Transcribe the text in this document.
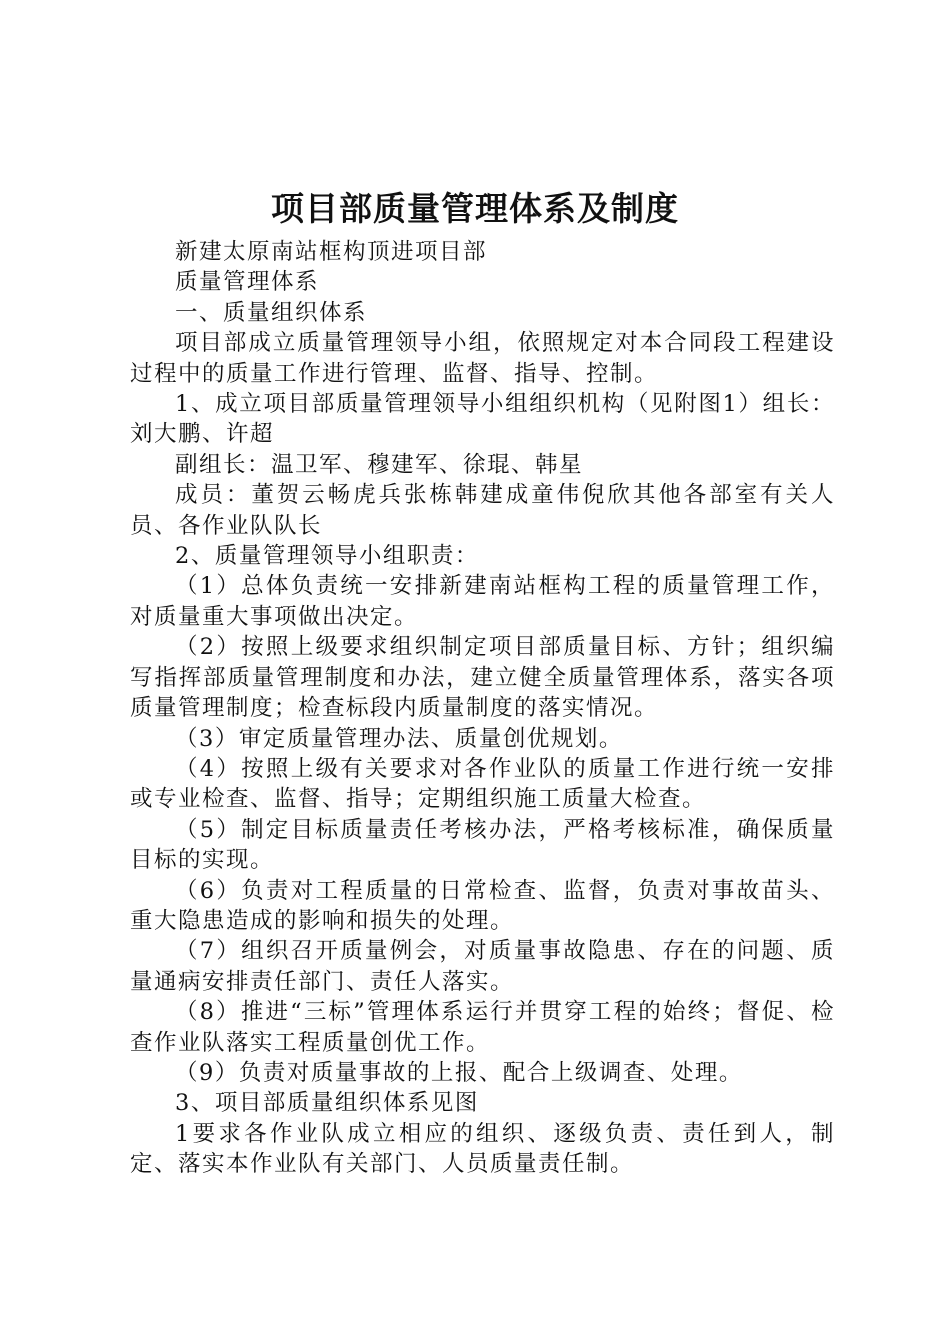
项目部质量管理体系及制度

新建太原南站框构顶进项目部

质量管理体系

一、质量组织体系

项目部成立质量管理领导小组，依照规定对本合同段工程建设过程中的质量工作进行管理、监督、指导、控制。

1、成立项目部质量管理领导小组组织机构（见附图1）组长：刘大鹏、许超

副组长：温卫军、穆建军、徐琨、韩星

成员：董贺云畅虎兵张栋韩建成童伟倪欣其他各部室有关人员、各作业队队长

2、质量管理领导小组职责：

（1）总体负责统一安排新建南站框构工程的质量管理工作，对质量重大事项做出决定。

（2）按照上级要求组织制定项目部质量目标、方针；组织编写指挥部质量管理制度和办法，建立健全质量管理体系，落实各项质量管理制度；检查标段内质量制度的落实情况。

（3）审定质量管理办法、质量创优规划。

（4）按照上级有关要求对各作业队的质量工作进行统一安排或专业检查、监督、指导；定期组织施工质量大检查。

（5）制定目标质量责任考核办法，严格考核标准，确保质量目标的实现。

（6）负责对工程质量的日常检查、监督，负责对事故苗头、重大隐患造成的影响和损失的处理。

（7）组织召开质量例会，对质量事故隐患、存在的问题、质量通病安排责任部门、责任人落实。

（8）推进“三标”管理体系运行并贯穿工程的始终；督促、检查作业队落实工程质量创优工作。

（9）负责对质量事故的上报、配合上级调查、处理。

3、项目部质量组织体系见图

1要求各作业队成立相应的组织、逐级负责、责任到人，制定、落实本作业队有关部门、人员质量责任制。
